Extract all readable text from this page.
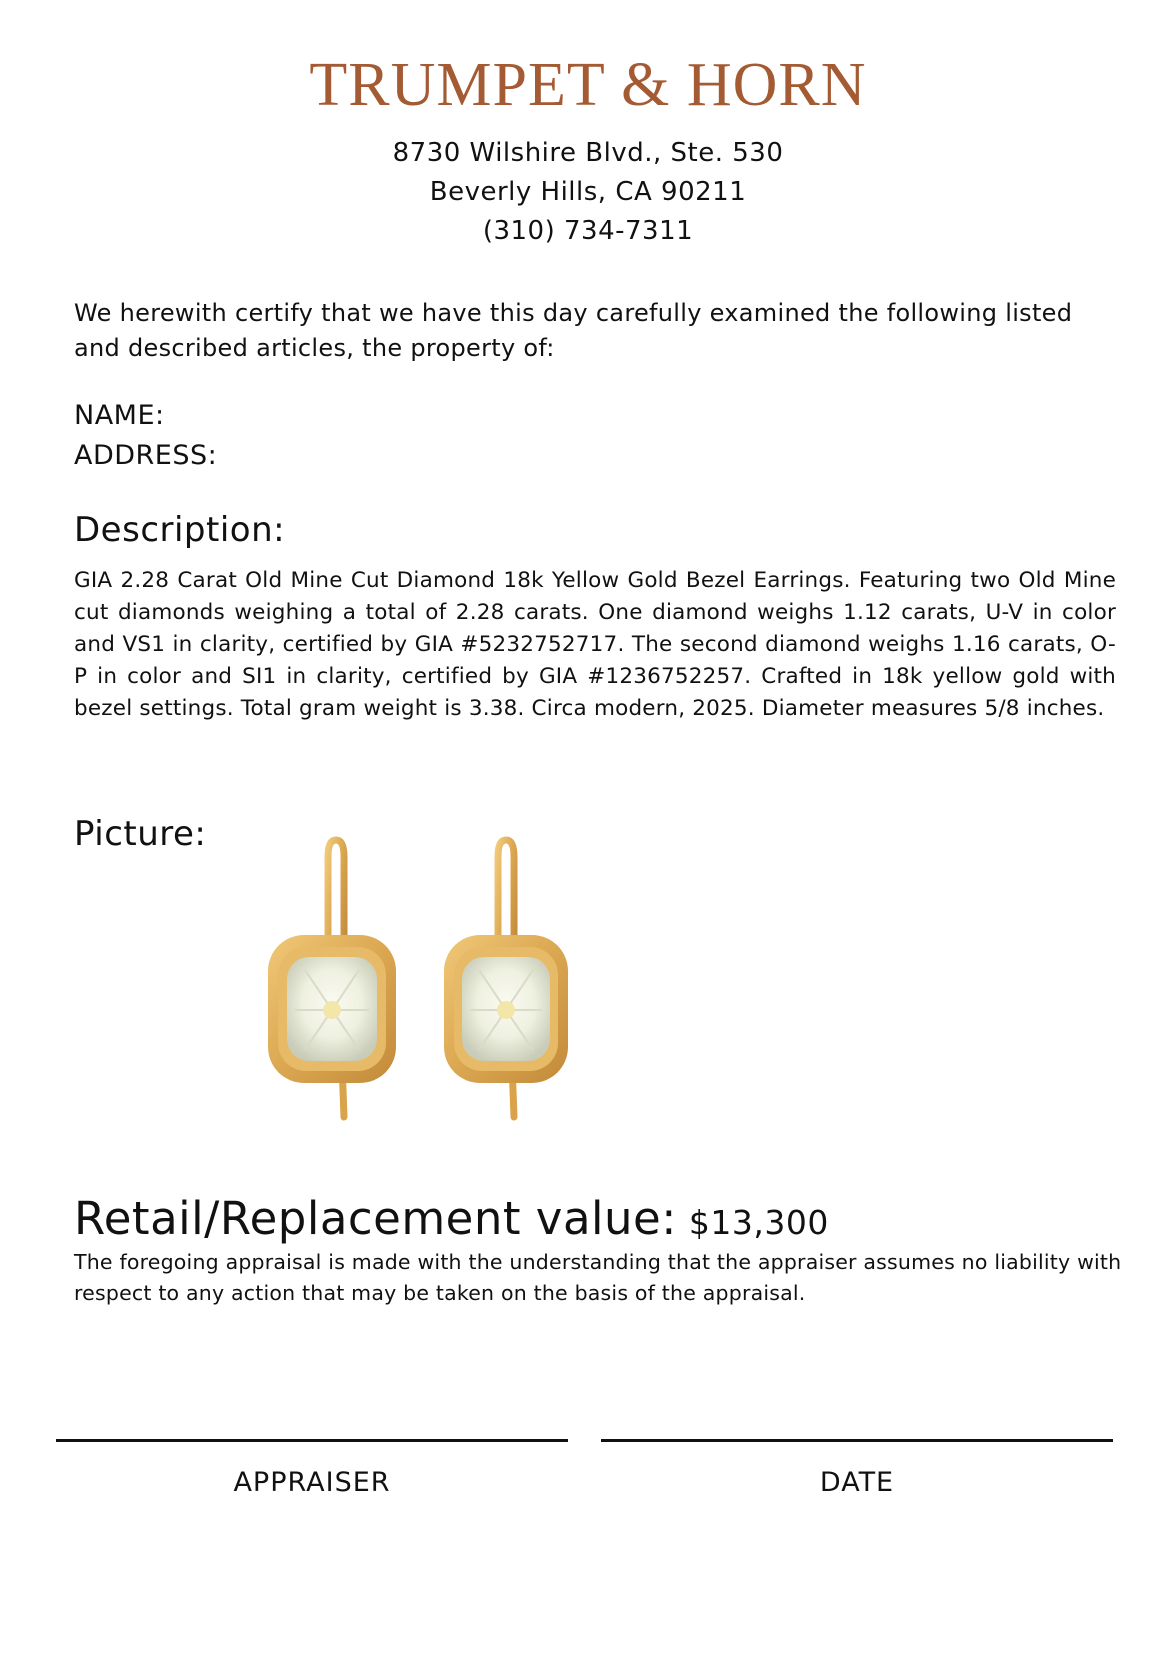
TRUMPET & HORN
8730 Wilshire Blvd., Ste. 530
Beverly Hills, CA 90211
(310) 734-7311
We herewith certify that we have this day carefully examined the following listed and described articles, the property of:
NAME:
ADDRESS:
Description:
GIA 2.28 Carat Old Mine Cut Diamond 18k Yellow Gold Bezel Earrings. Featuring two Old Mine cut diamonds weighing a total of 2.28 carats. One diamond weighs 1.12 carats, U-V in color and VS1 in clarity, certified by GIA #5232752717. The second diamond weighs 1.16 carats, O-P in color and SI1 in clarity, certified by GIA #1236752257. Crafted in 18k yellow gold with bezel settings. Total gram weight is 3.38. Circa modern, 2025. Diameter measures 5/8 inches.
Picture:
Retail/Replacement value: $13,300
The foregoing appraisal is made with the understanding that the appraiser assumes no liability with respect to any action that may be taken on the basis of the appraisal.
APPRAISER	DATE
